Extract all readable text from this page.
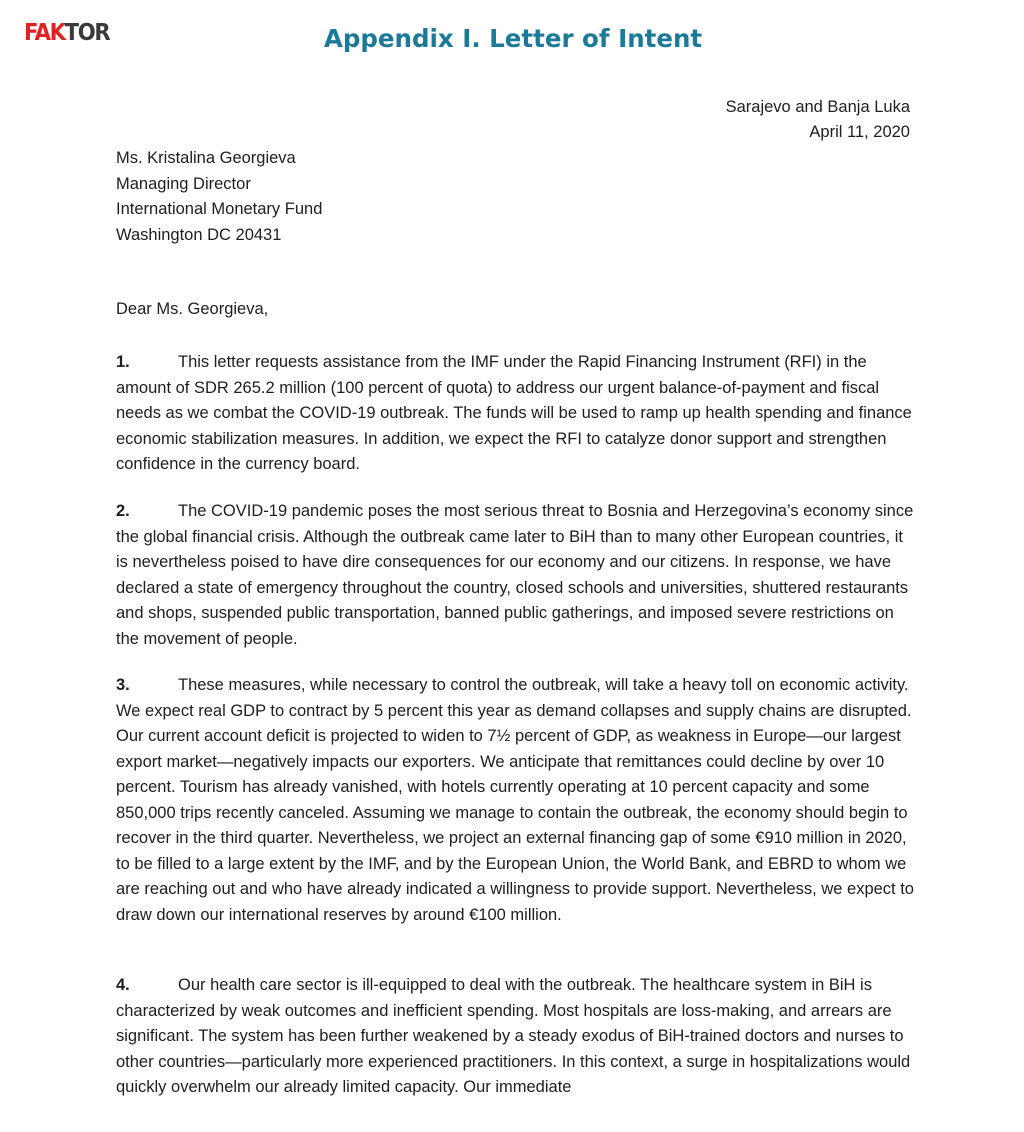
FAKTOR	Appendix I. Letter of Intent
Sarajevo and Banja Luka
April 11, 2020
Ms. Kristalina Georgieva
Managing Director
International Monetary Fund
Washington DC 20431
Dear Ms. Georgieva,

1.	This letter requests assistance from the IMF under the Rapid Financing Instrument (RFI) in the amount of SDR 265.2 million (100 percent of quota) to address our urgent balance-of-payment and fiscal needs as we combat the COVID-19 outbreak. The funds will be used to ramp up health spending and finance economic stabilization measures. In addition, we expect the RFI to catalyze donor support and strengthen confidence in the currency board.

2.	The COVID-19 pandemic poses the most serious threat to Bosnia and Herzegovina’s economy since the global financial crisis. Although the outbreak came later to BiH than to many other European countries, it is nevertheless poised to have dire consequences for our economy and our citizens. In response, we have declared a state of emergency throughout the country, closed schools and universities, shuttered restaurants and shops, suspended public transportation, banned public gatherings, and imposed severe restrictions on the movement of people.

3.	These measures, while necessary to control the outbreak, will take a heavy toll on economic activity. We expect real GDP to contract by 5 percent this year as demand collapses and supply chains are disrupted. Our current account deficit is projected to widen to 7½ percent of GDP, as weakness in Europe—our largest export market—negatively impacts our exporters. We anticipate that remittances could decline by over 10 percent. Tourism has already vanished, with hotels currently operating at 10 percent capacity and some 850,000 trips recently canceled. Assuming we manage to contain the outbreak, the economy should begin to recover in the third quarter. Nevertheless, we project an external financing gap of some €910 million in 2020, to be filled to a large extent by the IMF, and by the European Union, the World Bank, and EBRD to whom we are reaching out and who have already indicated a willingness to provide support. Nevertheless, we expect to draw down our international reserves by around €100 million.

4.	Our health care sector is ill-equipped to deal with the outbreak. The healthcare system in BiH is characterized by weak outcomes and inefficient spending. Most hospitals are loss-making, and arrears are significant. The system has been further weakened by a steady exodus of BiH-trained doctors and nurses to other countries—particularly more experienced practitioners. In this context, a surge in hospitalizations would quickly overwhelm our already limited capacity. Our immediate
